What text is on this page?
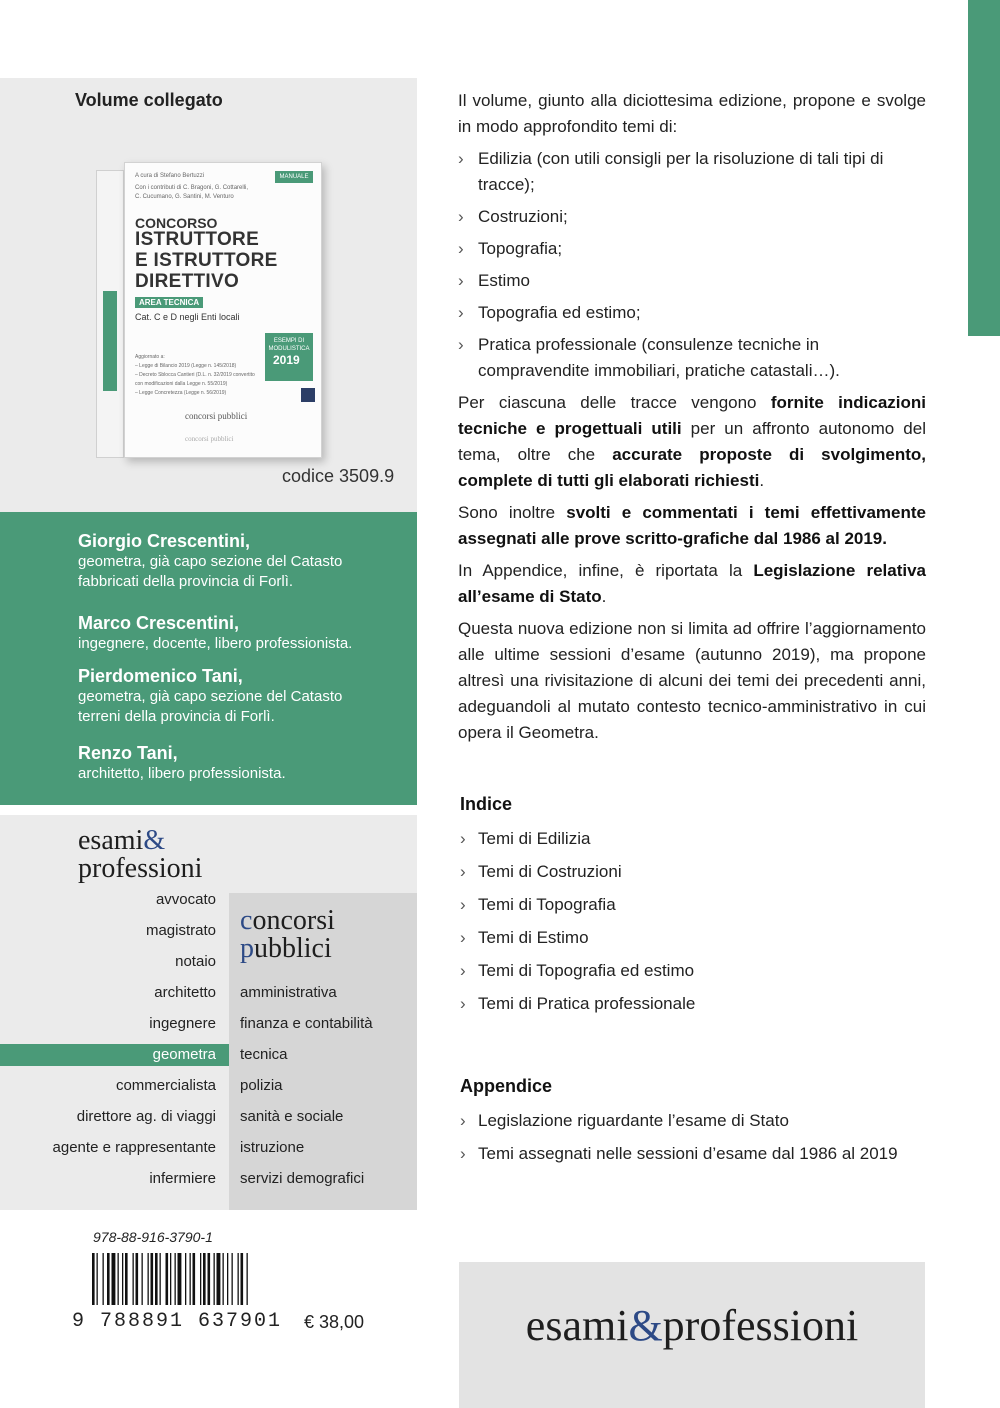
Volume collegato
MANUALE
A cura di Stefano Bertuzzi
Con i contributi di C. Bragoni, G. Cottarelli,
C. Cucumano, G. Santini, M. Venturo
CONCORSO
ISTRUTTORE
E ISTRUTTORE
DIRETTIVO
AREA TECNICA
Cat. C e D negli Enti locali
Aggiornato a:
– Legge di Bilancio 2019 (Legge n. 145/2018)
– Decreto Sblocca Cantieri (D.L. n. 32/2019 convertito con modificazioni dalla Legge n. 55/2019)
– Legge Concretezza (Legge n. 56/2019)
ESEMPI DI MODULISTICA
2019
concorsi pubblici
concorsi pubblici
codice 3509.9
Giorgio Crescentini,
geometra, già capo sezione del Catasto
fabbricati della provincia di Forlì.
Marco Crescentini,
ingegnere, docente, libero professionista.
Pierdomenico Tani,
geometra, già capo sezione del Catasto
terreni della provincia di Forlì.
Renzo Tani,
architetto, libero professionista.
esami&
professioni
concorsi
pubblici
avvocato
magistrato
notaio
architetto
ingegnere
geometra
commercialista
direttore ag. di viaggi
agente e rappresentante
infermiere
amministrativa
finanza e contabilità
tecnica
polizia
sanità e sociale
istruzione
servizi demografici
978-88-916-3790-1
9 788891 637901 € 38,00

Il volume, giunto alla diciottesima edizione, propone e svolge in modo approfondito temi di:

› Edilizia (con utili consigli per la risoluzione di tali tipi di tracce);
› Costruzioni;
› Topografia;
› Estimo
› Topografia ed estimo;
› Pratica professionale (consulenze tecniche in compravendite immobiliari, pratiche catastali…).

Per ciascuna delle tracce vengono fornite indicazioni tecniche e progettuali utili per un affronto autonomo del tema, oltre che accurate proposte di svolgimento, complete di tutti gli elaborati richiesti.

Sono inoltre svolti e commentati i temi effettivamente assegnati alle prove scritto-grafiche dal 1986 al 2019.

In Appendice, infine, è riportata la Legislazione relativa all’esame di Stato.

Questa nuova edizione non si limita ad offrire l’aggiornamento alle ultime sessioni d’esame (autunno 2019), ma propone altresì una rivisitazione di alcuni dei temi dei precedenti anni, adeguandoli al mutato contesto tecnico-amministrativo in cui opera il Geometra.

Indice
› Temi di Edilizia
› Temi di Costruzioni
› Temi di Topografia
› Temi di Estimo
› Temi di Topografia ed estimo
› Temi di Pratica professionale
Appendice
› Legislazione riguardante l’esame di Stato
› Temi assegnati nelle sessioni d’esame dal 1986 al 2019
esami&professioni
